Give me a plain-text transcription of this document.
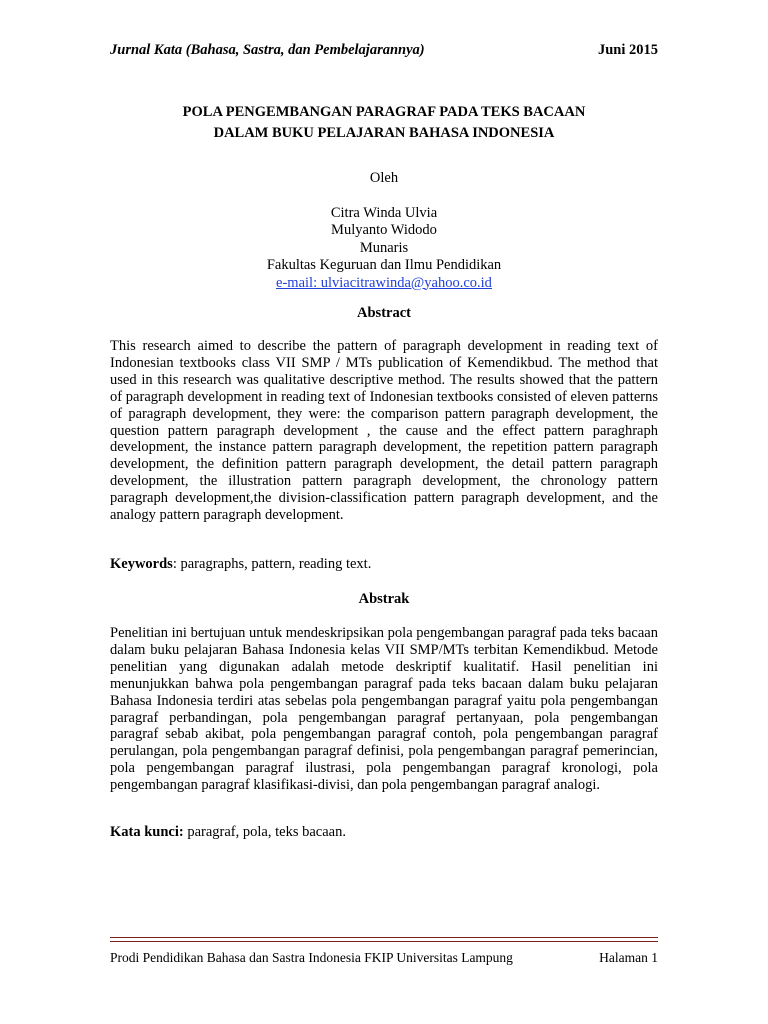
Jurnal Kata (Bahasa, Sastra, dan Pembelajarannya)	Juni 2015
POLA PENGEMBANGAN PARAGRAF PADA TEKS BACAAN
DALAM BUKU PELAJARAN BAHASA INDONESIA
Oleh
Citra Winda Ulvia
Mulyanto Widodo
Munaris
Fakultas Keguruan dan Ilmu Pendidikan
e-mail: ulviacitrawinda@yahoo.co.id
Abstract

This research aimed to describe the pattern of paragraph development in reading text of Indonesian textbooks class VII SMP / MTs publication of Kemendikbud. The method that used in this research was qualitative descriptive method. The results showed that the pattern of paragraph development in reading text of Indonesian textbooks consisted of eleven patterns of paragraph development, they were: the comparison pattern paragraph development, the question pattern paragraph development , the cause and the effect pattern paraghraph development, the instance pattern paragraph development, the repetition pattern paragraph development, the definition pattern paragraph development, the detail pattern paragraph development, the illustration pattern paragraph development, the chronology pattern paragraph development,the division-classification pattern paragraph development, and the analogy pattern paragraph development.

Keywords: paragraphs, pattern, reading text.
Abstrak

Penelitian ini bertujuan untuk mendeskripsikan pola pengembangan paragraf pada teks bacaan dalam buku pelajaran Bahasa Indonesia kelas VII SMP/MTs terbitan Kemendikbud. Metode penelitian yang digunakan adalah metode deskriptif kualitatif. Hasil penelitian ini menunjukkan bahwa pola pengembangan paragraf pada teks bacaan dalam buku pelajaran Bahasa Indonesia terdiri atas sebelas pola pengembangan paragraf yaitu pola pengembangan paragraf perbandingan, pola pengembangan paragraf pertanyaan, pola pengembangan paragraf sebab akibat, pola pengembangan paragraf contoh, pola pengembangan paragraf perulangan, pola pengembangan paragraf definisi, pola pengembangan paragraf pemerincian, pola pengembangan paragraf ilustrasi, pola pengembangan paragraf kronologi, pola pengembangan paragraf klasifikasi-divisi, dan pola pengembangan paragraf analogi.

Kata kunci: paragraf, pola, teks bacaan.
Prodi Pendidikan Bahasa dan Sastra Indonesia FKIP Universitas Lampung	Halaman 1
